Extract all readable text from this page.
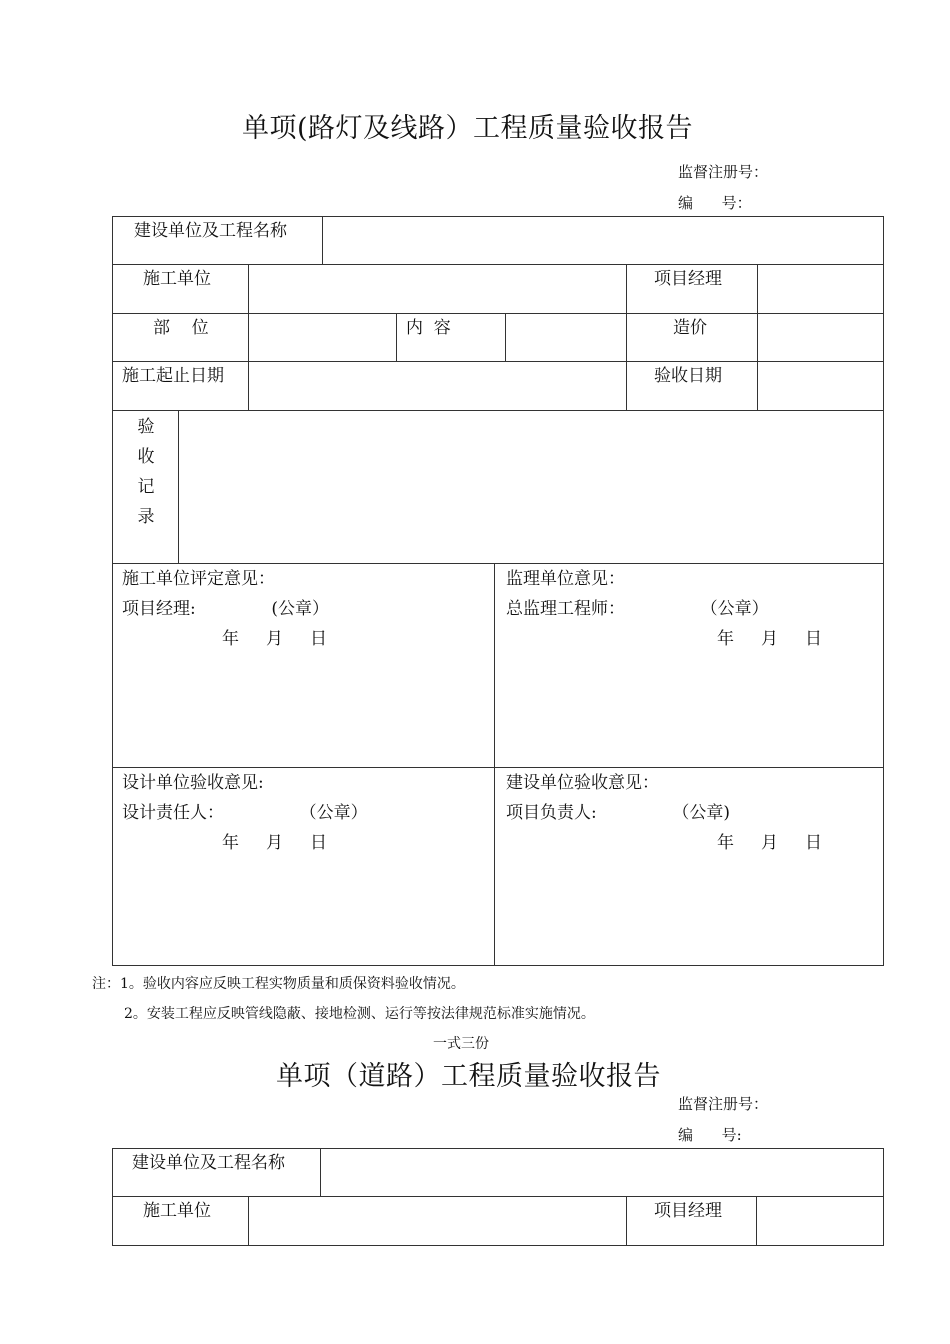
单项(路灯及线路）工程质量验收报告
监督注册号：
编      号：
建设单位及工程名称
施工单位	项目经理
部    位	内  容	造价
施工起止日期	验收日期
验
收
记
录
施工单位评定意见：
项目经理:              (公章）
年     月     日
监理单位意见：
总监理工程师：              （公章）
年     月     日
设计单位验收意见:
设计责任人：              （公章）
年     月     日
建设单位验收意见：
项目负责人:              （公章)
年     月     日
注：1。验收内容应反映工程实物质量和质保资料验收情况。
2。安装工程应反映管线隐蔽、接地检测、运行等按法律规范标准实施情况。
一式三份
单项（道路）工程质量验收报告
监督注册号：
编      号:
建设单位及工程名称
施工单位	项目经理
